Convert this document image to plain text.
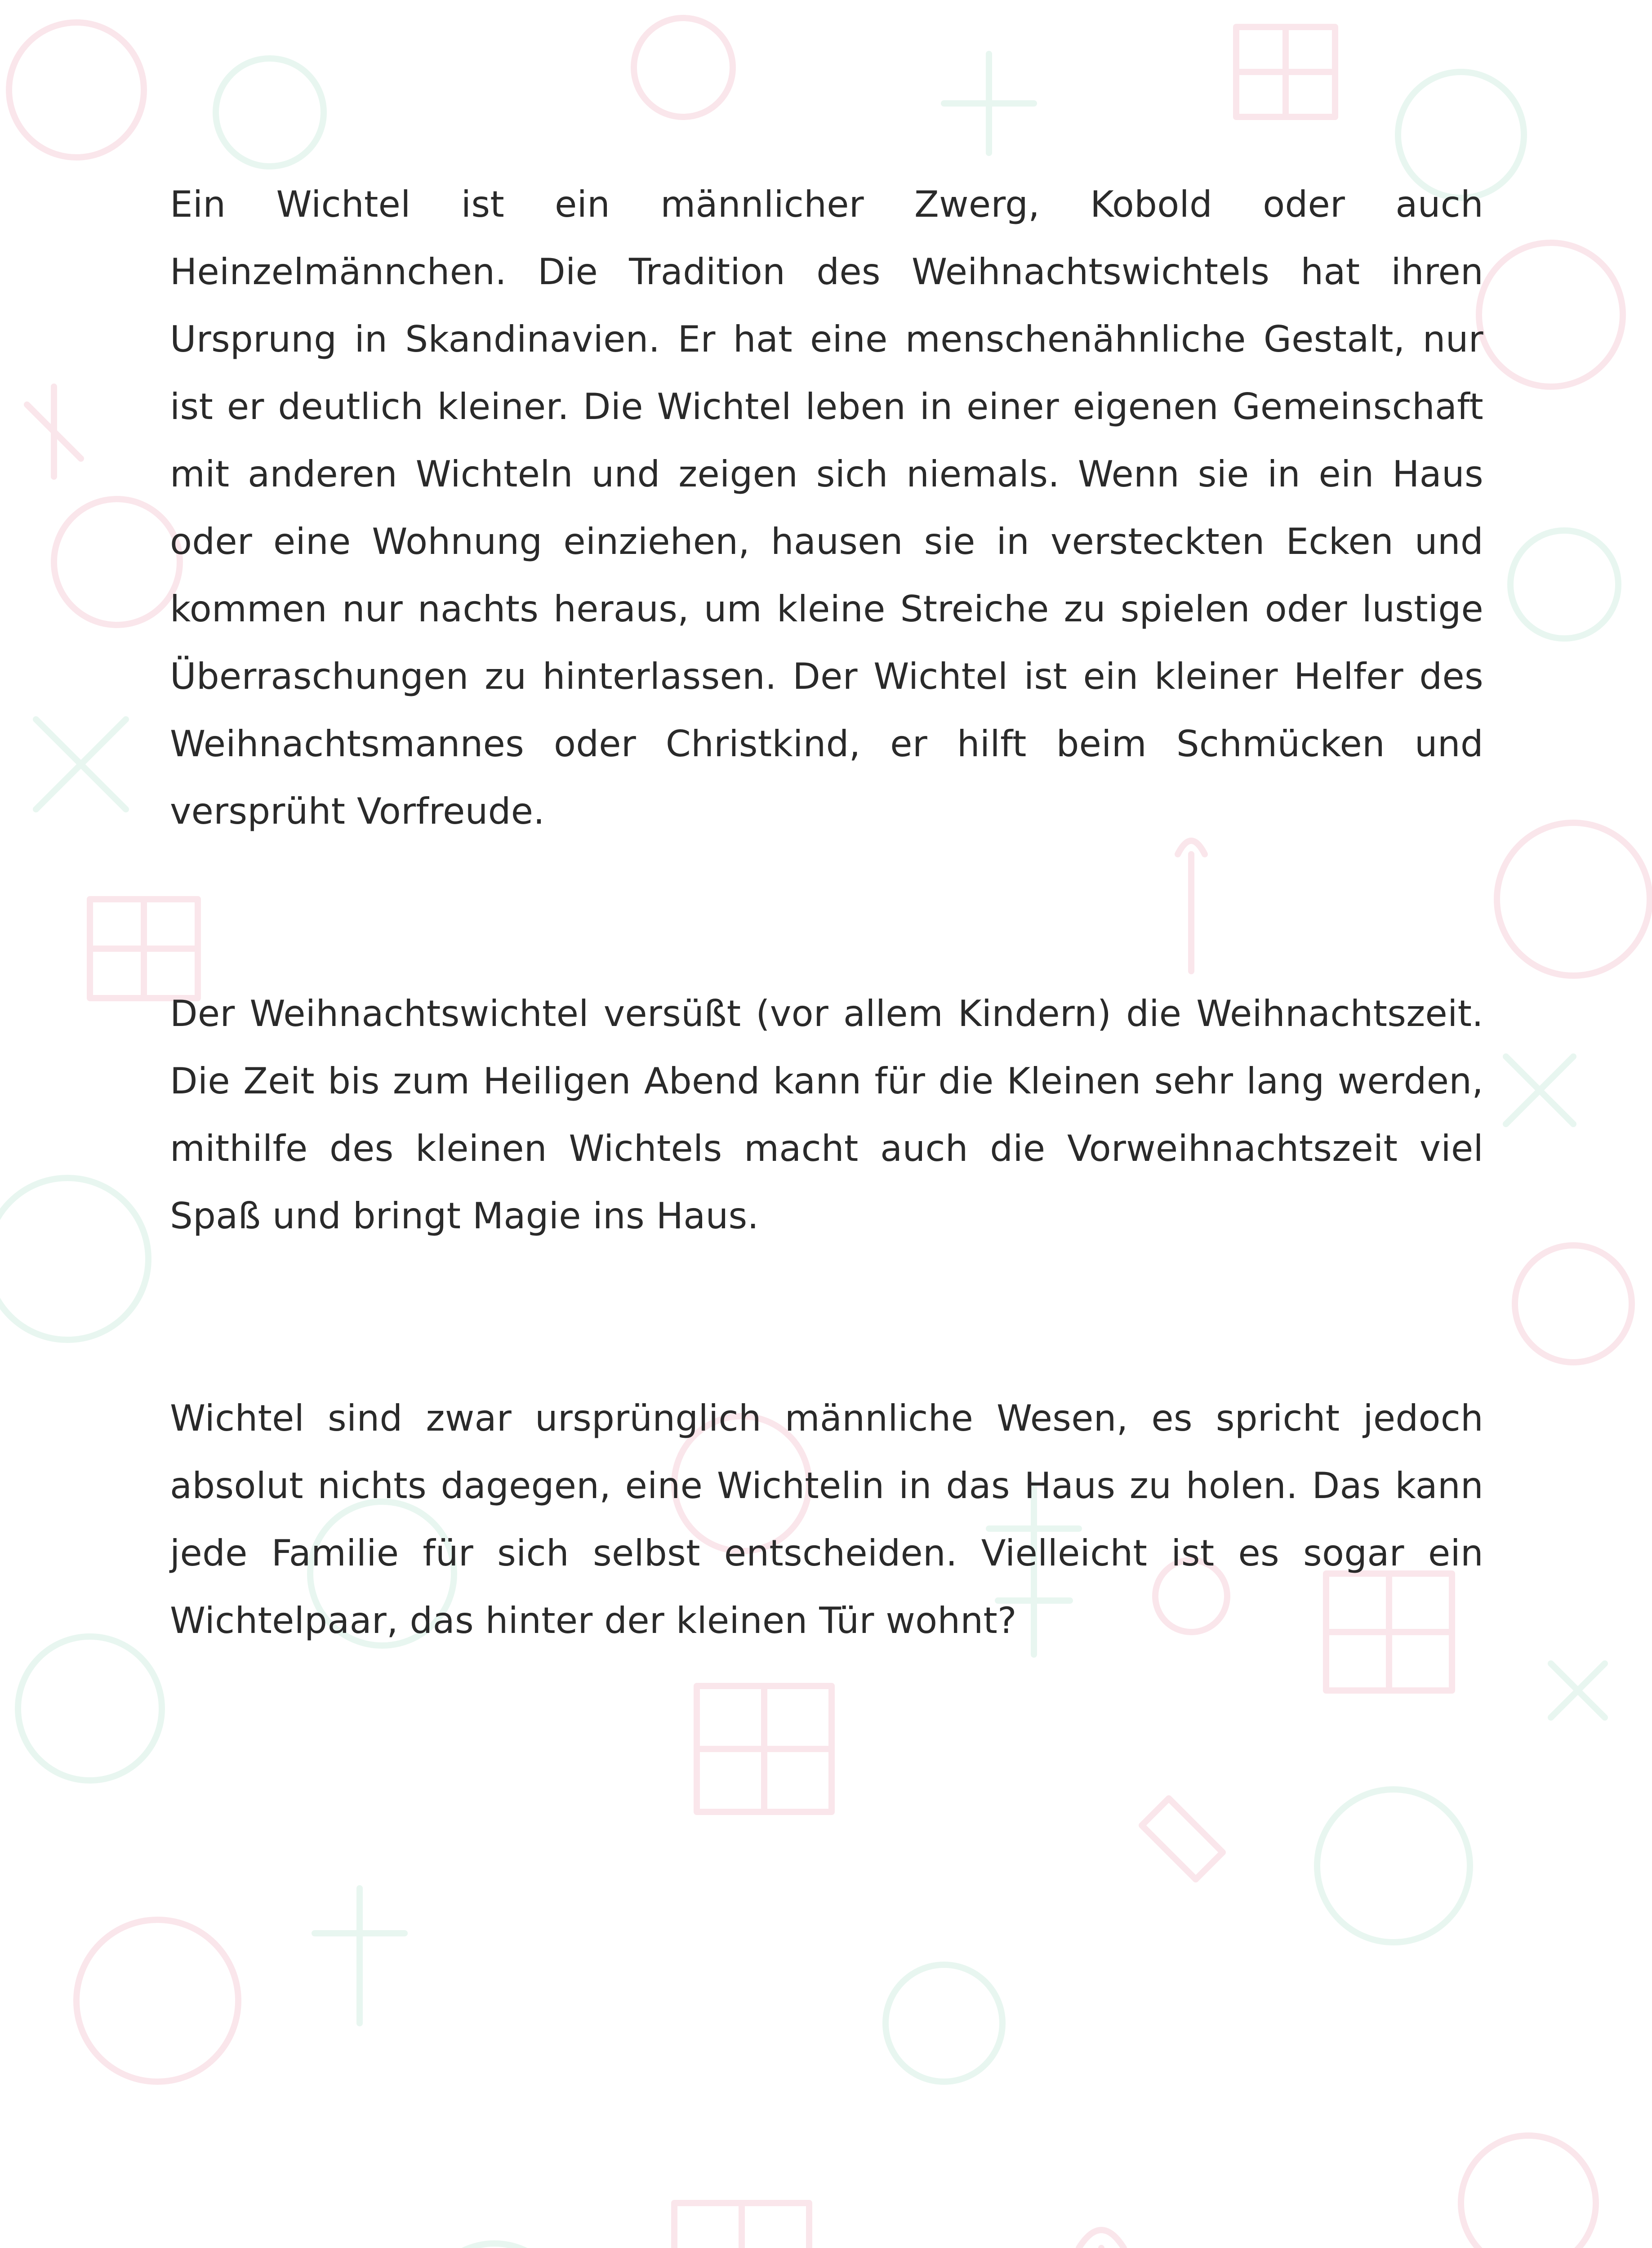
Ein Wichtel ist ein männlicher Zwerg, Kobold oder auch Heinzelmännchen. Die Tradition des Weihnachtswichtels hat ihren Ursprung in Skandinavien. Er hat eine menschenähnliche Gestalt, nur ist er deutlich kleiner. Die Wichtel leben in einer eigenen Gemeinschaft mit anderen Wichteln und zeigen sich niemals. Wenn sie in ein Haus oder eine Wohnung einziehen, hausen sie in versteckten Ecken und kommen nur nachts heraus, um kleine Streiche zu spielen oder lustige Überraschungen zu hinterlassen. Der Wichtel ist ein kleiner Helfer des Weihnachtsmannes oder Christkind, er hilft beim Schmücken und versprüht Vorfreude.

Der Weihnachtswichtel versüßt (vor allem Kindern) die Weihnachtszeit. Die Zeit bis zum Heiligen Abend kann für die Kleinen sehr lang werden, mithilfe des kleinen Wichtels macht auch die Vorweihnachtszeit viel Spaß und bringt Magie ins Haus.

Wichtel sind zwar ursprünglich männliche Wesen, es spricht jedoch absolut nichts dagegen, eine Wichtelin in das Haus zu holen. Das kann jede Familie für sich selbst entscheiden. Vielleicht ist es sogar ein Wichtelpaar, das hinter der kleinen Tür wohnt?
